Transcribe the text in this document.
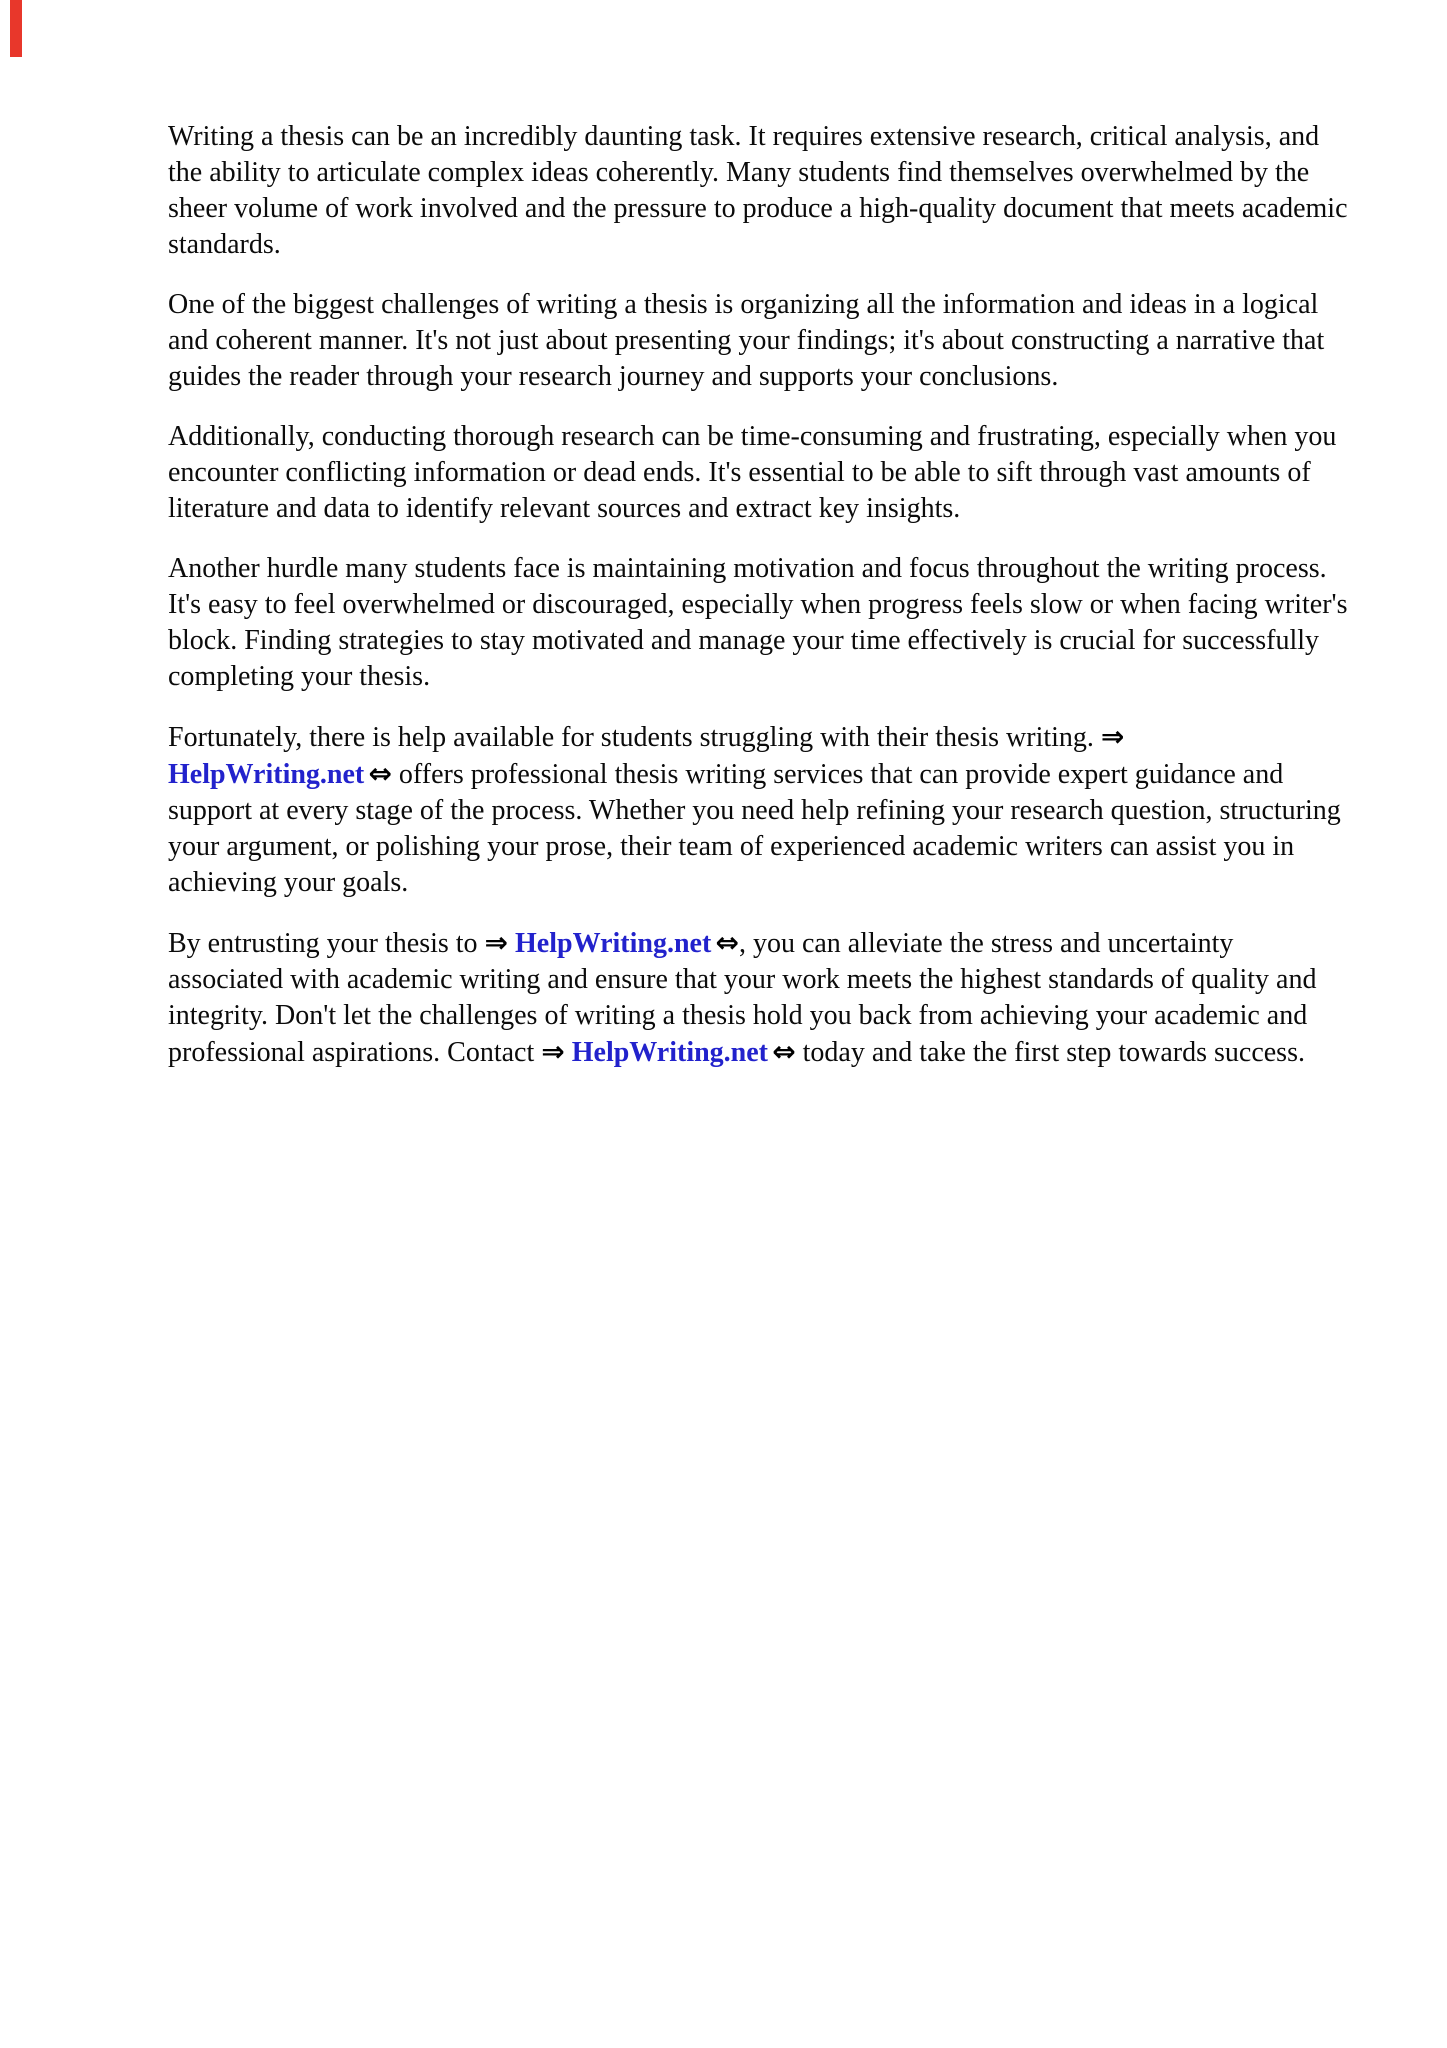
Writing a thesis can be an incredibly daunting task. It requires extensive research, critical analysis, and the ability to articulate complex ideas coherently. Many students find themselves overwhelmed by the sheer volume of work involved and the pressure to produce a high-quality document that meets academic standards.

One of the biggest challenges of writing a thesis is organizing all the information and ideas in a logical and coherent manner. It's not just about presenting your findings; it's about constructing a narrative that guides the reader through your research journey and supports your conclusions.

Additionally, conducting thorough research can be time-consuming and frustrating, especially when you encounter conflicting information or dead ends. It's essential to be able to sift through vast amounts of literature and data to identify relevant sources and extract key insights.

Another hurdle many students face is maintaining motivation and focus throughout the writing process. It's easy to feel overwhelmed or discouraged, especially when progress feels slow or when facing writer's block. Finding strategies to stay motivated and manage your time effectively is crucial for successfully completing your thesis.

Fortunately, there is help available for students struggling with their thesis writing. ⇒ HelpWriting.net ⇔ offers professional thesis writing services that can provide expert guidance and support at every stage of the process. Whether you need help refining your research question, structuring your argument, or polishing your prose, their team of experienced academic writers can assist you in achieving your goals.

By entrusting your thesis to ⇒ HelpWriting.net ⇔, you can alleviate the stress and uncertainty associated with academic writing and ensure that your work meets the highest standards of quality and integrity. Don't let the challenges of writing a thesis hold you back from achieving your academic and professional aspirations. Contact ⇒ HelpWriting.net ⇔ today and take the first step towards success.
